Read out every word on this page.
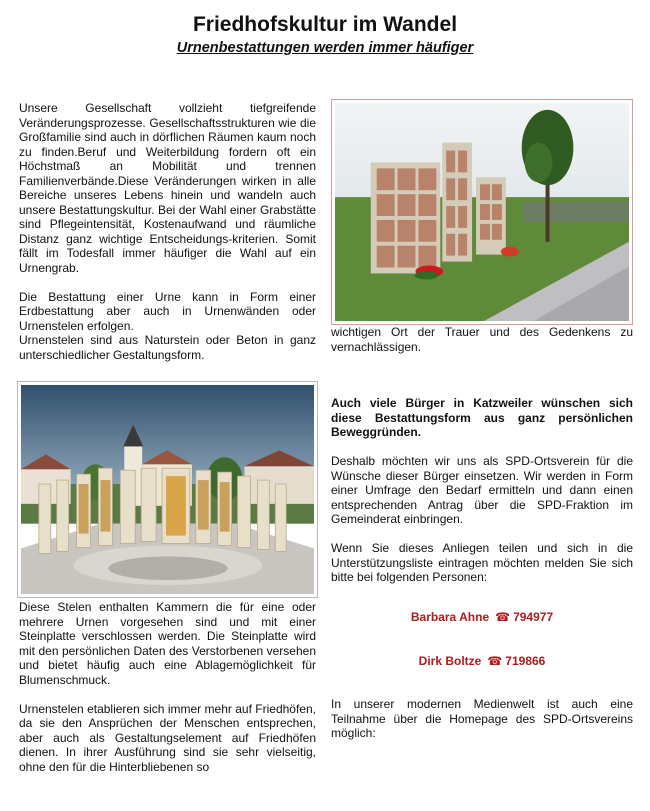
Friedhofskultur im Wandel
Urnenbestattungen werden immer häufiger

Unsere Gesellschaft vollzieht tiefgreifende Veränderungsprozesse. Gesellschaftsstrukturen wie die Großfamilie sind auch in dörflichen Räumen kaum noch zu finden.Beruf und Weiterbildung fordern oft ein Höchstmaß an Mobilität und trennen Familienverbände.Diese Veränderungen wirken in alle Bereiche unseres Lebens hinein und wandeln auch unsere Bestattungskultur. Bei der Wahl einer Grabstätte sind Pflegeintensität, Kostenaufwand und räumliche Distanz ganz wichtige Entscheidungs-kriterien. Somit fällt im Todesfall immer häufiger die Wahl auf ein Urnengrab.

Die Bestattung einer Urne kann in Form einer Erdbestattung aber auch in Urnenwänden oder Urnenstelen erfolgen.
Urnenstelen sind aus Naturstein oder Beton in ganz unterschiedlicher Gestaltungsform.

wichtigen Ort der Trauer und des Gedenkens zu vernachlässigen.

Diese Stelen enthalten Kammern die für eine oder mehrere Urnen vorgesehen sind und mit einer Steinplatte verschlossen werden. Die Steinplatte wird mit den persönlichen Daten des Verstorbenen versehen und bietet häufig auch eine Ablagemöglichkeit für Blumenschmuck.

Urnenstelen etablieren sich immer mehr auf Friedhöfen, da sie den Ansprüchen der Menschen entsprechen, aber auch als Gestaltungselement auf Friedhöfen dienen. In ihrer Ausführung sind sie sehr vielseitig, ohne den für die Hinterbliebenen so

Auch viele Bürger in Katzweiler wünschen sich diese Bestattungsform aus ganz persönlichen Beweggründen.

Deshalb möchten wir uns als SPD-Ortsverein für die Wünsche dieser Bürger einsetzen. Wir werden in Form einer Umfrage den Bedarf ermitteln und dann einen entsprechenden Antrag über die SPD-Fraktion im Gemeinderat einbringen.

Wenn Sie dieses Anliegen teilen und sich in die Unterstützungsliste eintragen möchten melden Sie sich bitte bei folgenden Personen:

Barbara Ahne ☎ 794977
Dirk Boltze ☎ 719866
In unserer modernen Medienwelt ist auch eine Teilnahme über die Homepage des SPD-Ortsvereins möglich:
